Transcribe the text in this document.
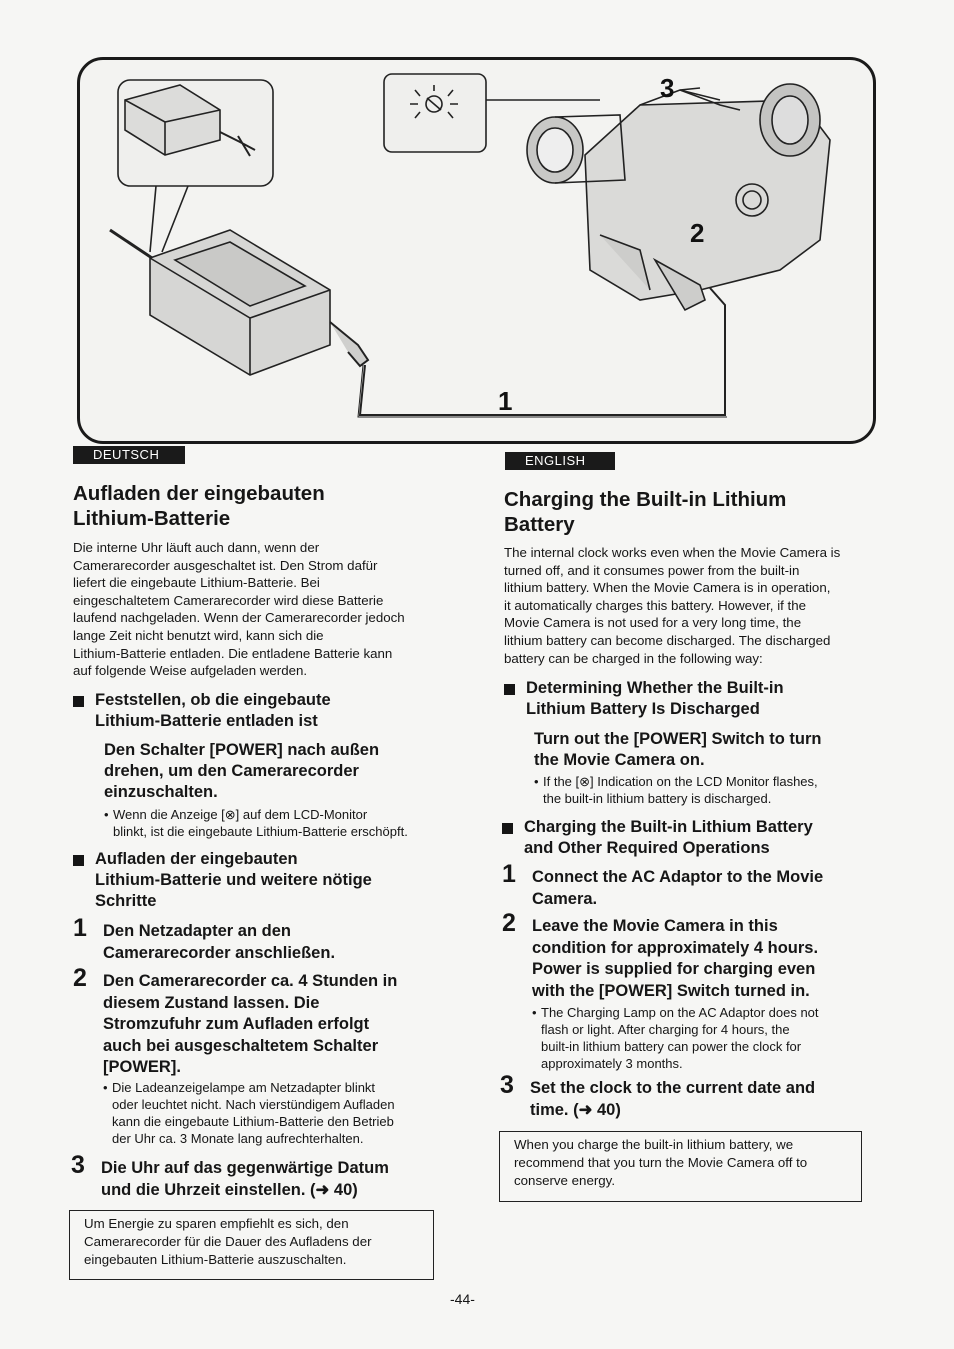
3
2
1
DEUTSCH

Aufladen der eingebauten

Lithium-Batterie

Die interne Uhr läuft auch dann, wenn der

Camerarecorder ausgeschaltet ist. Den Strom dafür

liefert die eingebaute Lithium-Batterie. Bei

eingeschaltetem Camerarecorder wird diese Batterie

laufend nachgeladen. Wenn der Camerarecorder jedoch

lange Zeit nicht benutzt wird, kann sich die

Lithium-Batterie entladen. Die entladene Batterie kann

auf folgende Weise aufgeladen werden.

Feststellen, ob die eingebaute
Lithium-Batterie entladen ist

Den Schalter [POWER] nach außen

drehen, um den Camerarecorder

einzuschalten.

• Wenn die Anzeige [⊗] auf dem LCD-Monitor
blinkt, ist die eingebaute Lithium-Batterie erschöpft.
Aufladen der eingebauten
Lithium-Batterie und weitere nötige
Schritte
1 Den Netzadapter an den
Camerarecorder anschließen.
2 Den Camerarecorder ca. 4 Stunden in
diesem Zustand lassen. Die
Stromzufuhr zum Aufladen erfolgt
auch bei ausgeschaltetem Schalter
[POWER].
• Die Ladeanzeigelampe am Netzadapter blinkt
oder leuchtet nicht. Nach vierstündigem Aufladen
kann die eingebaute Lithium-Batterie den Betrieb
der Uhr ca. 3 Monate lang aufrechterhalten.
3 Die Uhr auf das gegenwärtige Datum
und die Uhrzeit einstellen. (➜ 40)
Um Energie zu sparen empfiehlt es sich, den
Camerarecorder für die Dauer des Aufladens der
eingebauten Lithium-Batterie auszuschalten.
ENGLISH

Charging the Built-in Lithium

Battery

The internal clock works even when the Movie Camera is

turned off, and it consumes power from the built-in

lithium battery. When the Movie Camera is in operation,

it automatically charges this battery. However, if the

Movie Camera is not used for a very long time, the

lithium battery can become discharged. The discharged

battery can be charged in the following way:

Determining Whether the Built-in
Lithium Battery Is Discharged

Turn out the [POWER] Switch to turn

the Movie Camera on.

• If the [⊗] Indication on the LCD Monitor flashes,
the built-in lithium battery is discharged.
Charging the Built-in Lithium Battery
and Other Required Operations
1 Connect the AC Adaptor to the Movie
Camera.
2 Leave the Movie Camera in this
condition for approximately 4 hours.
Power is supplied for charging even
with the [POWER] Switch turned in.
• The Charging Lamp on the AC Adaptor does not
flash or light. After charging for 4 hours, the
built-in lithium battery can power the clock for
approximately 3 months.
3 Set the clock to the current date and
time. (➜ 40)
When you charge the built-in lithium battery, we
recommend that you turn the Movie Camera off to
conserve energy.
-44-
